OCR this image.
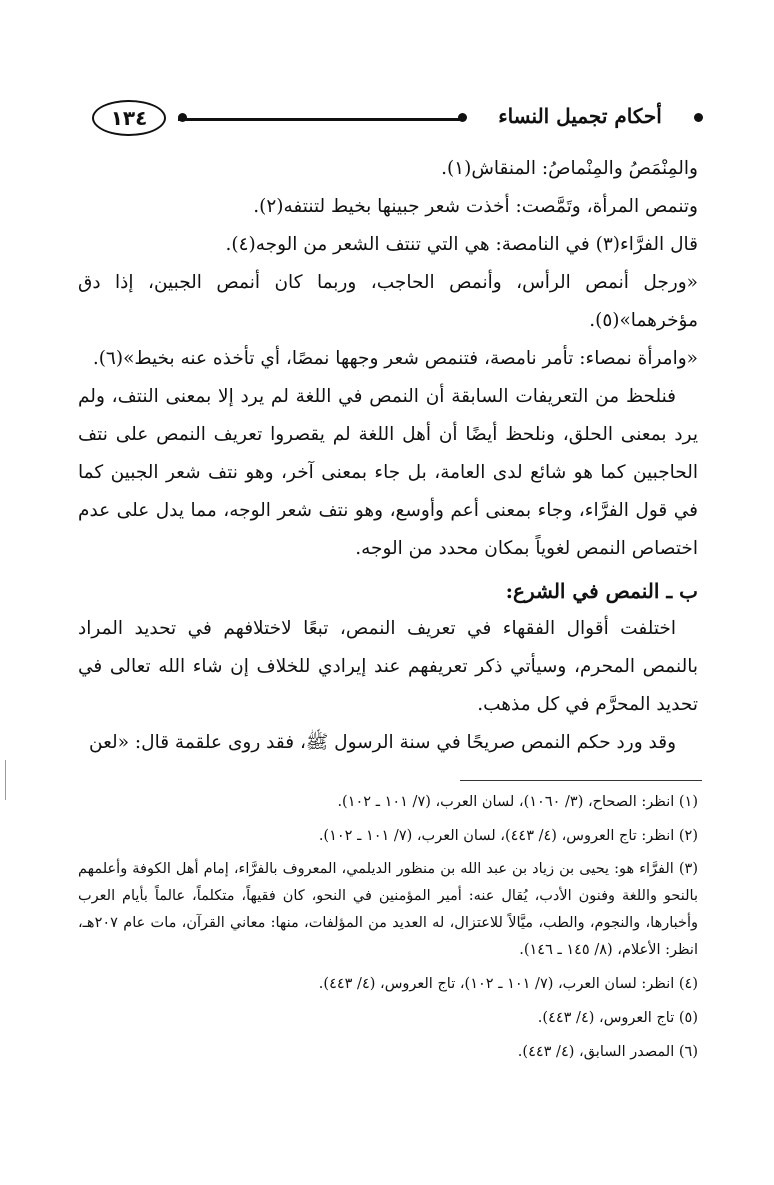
١٣٤	أحكام تجميل النساء

والمِنْمَصُ والمِنْماصُ: المنقاش(١).

وتنمص المرأة، وتَمَّصت: أخذت شعر جبينها بخيط لتنتفه(٢).

قال الفرَّاء(٣) في النامصة: هي التي تنتف الشعر من الوجه(٤).

«ورجل أنمص الرأس، وأنمص الحاجب، وربما كان أنمص الجبين، إذا دق مؤخرهما»(٥).

«وامرأة نمصاء: تأمر نامصة، فتنمص شعر وجهها نمصًا، أي تأخذه عنه بخيط»(٦).

فنلحظ من التعريفات السابقة أن النمص في اللغة لم يرد إلا بمعنى النتف، ولم يرد بمعنى الحلق، ونلحظ أيضًا أن أهل اللغة لم يقصروا تعريف النمص على نتف الحاجبين كما هو شائع لدى العامة، بل جاء بمعنى آخر، وهو نتف شعر الجبين كما في قول الفرَّاء، وجاء بمعنى أعم وأوسع، وهو نتف شعر الوجه، مما يدل على عدم اختصاص النمص لغوياً بمكان محدد من الوجه.

ب ـ النمص في الشرع:

اختلفت أقوال الفقهاء في تعريف النمص، تبعًا لاختلافهم في تحديد المراد بالنمص المحرم، وسيأتي ذكر تعريفهم عند إيرادي للخلاف إن شاء الله تعالى في تحديد المحرَّم في كل مذهب.

وقد ورد حكم النمص صريحًا في سنة الرسول ﷺ، فقد روى علقمة قال: «لعن

(١) انظر: الصحاح، (٣/ ١٠٦٠)، لسان العرب، (٧/ ١٠١ ـ ١٠٢).

(٢) انظر: تاج العروس، (٤/ ٤٤٣)، لسان العرب، (٧/ ١٠١ ـ ١٠٢).

(٣) الفرَّاء هو: يحيى بن زياد بن عبد الله بن منظور الديلمي، المعروف بالفرَّاء، إمام أهل الكوفة وأعلمهم بالنحو واللغة وفنون الأدب، يُقال عنه: أمير المؤمنين في النحو، كان فقيهاً، متكلماً، عالماً بأيام العرب وأخبارها، والنجوم، والطب، ميَّالاً للاعتزال، له العديد من المؤلفات، منها: معاني القرآن، مات عام ٢٠٧هـ، انظر: الأعلام، (٨/ ١٤٥ ـ ١٤٦).

(٤) انظر: لسان العرب، (٧/ ١٠١ ـ ١٠٢)، تاج العروس، (٤/ ٤٤٣).

(٥) تاج العروس، (٤/ ٤٤٣).

(٦) المصدر السابق، (٤/ ٤٤٣).
